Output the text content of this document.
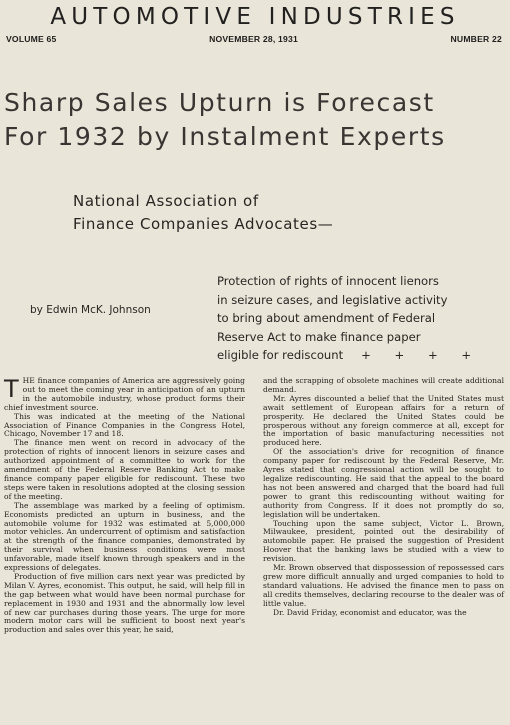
AUTOMOTIVE INDUSTRIES
VOLUME 65	NOVEMBER 28, 1931	NUMBER 22
Sharp Sales Upturn is Forecast
For 1932 by Instalment Experts
National Association of
Finance Companies Advocates—
by Edwin McK. Johnson
Protection of rights of innocent lienors
in seizure cases, and legislative activity
to bring about amendment of Federal
Reserve Act to make finance paper
eligible for rediscount + + + +

THE finance companies of America are aggressively going out to meet the coming year in anticipation of an upturn in the automobile industry, whose product forms their chief investment source.

This was indicated at the meeting of the National Association of Finance Companies in the Congress Hotel, Chicago, November 17 and 18.

The finance men went on record in advocacy of the protection of rights of innocent lienors in seizure cases and authorized appointment of a committee to work for the amendment of the Federal Reserve Banking Act to make finance company paper eligible for rediscount. These two steps were taken in resolutions adopted at the closing session of the meeting.

The assemblage was marked by a feeling of optimism. Economists predicted an upturn in business, and the automobile volume for 1932 was estimated at 5,000,000 motor vehicles. An undercurrent of optimism and satisfaction at the strength of the finance companies, demonstrated by their survival when business conditions were most unfavorable, made itself known through speakers and in the expressions of delegates.

Production of five million cars next year was predicted by Milan V. Ayres, economist. This output, he said, will help fill in the gap between what would have been normal purchase for replacement in 1930 and 1931 and the abnormally low level of new car purchases during those years. The urge for more modern motor cars will be sufficient to boost next year's production and sales over this year, he said,

and the scrapping of obsolete machines will create additional demand.

Mr. Ayres discounted a belief that the United States must await settlement of European affairs for a return of prosperity. He declared the United States could be prosperous without any foreign commerce at all, except for the importation of basic manufacturing necessities not produced here.

Of the association's drive for recognition of finance company paper for rediscount by the Federal Reserve, Mr. Ayres stated that congressional action will be sought to legalize rediscounting. He said that the appeal to the board has not been answered and charged that the board had full power to grant this rediscounting without waiting for authority from Congress. If it does not promptly do so, legislation will be undertaken.

Touching upon the same subject, Victor L. Brown, Milwaukee, president, pointed out the desirability of automobile paper. He praised the suggestion of President Hoover that the banking laws be studied with a view to revision.

Mr. Brown observed that dispossession of repossessed cars grew more difficult annually and urged companies to hold to standard valuations. He advised the finance men to pass on all credits themselves, declaring recourse to the dealer was of little value.

Dr. David Friday, economist and educator, was the
